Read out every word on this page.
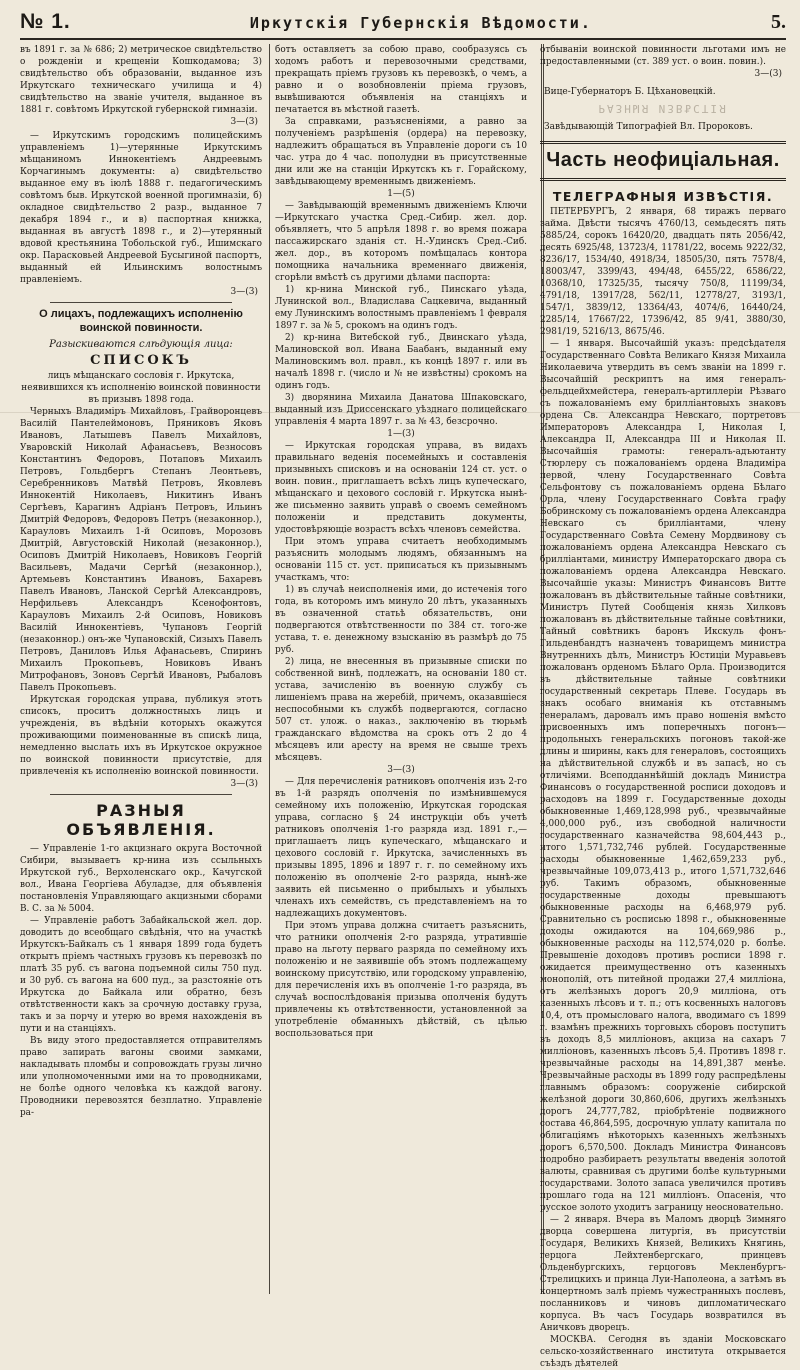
№ 1.	Иркутскія Губернскія Вѣдомости.	5.

въ 1891 г. за № 686; 2) метрическое свидѣтельство о рожденіи и крещеніи Кошкодамова; 3) свидѣтельство объ образованіи, выданное изъ Иркутскаго техническаго училища и 4) свидѣтельство на званіе учителя, выданное въ 1881 г. совѣтомъ Иркутской губернской гимназіи.

3—(3)

— Иркутскимъ городскимъ полицейскимъ управленіемъ 1)—утерянные Иркутскимъ мѣщаниномъ Иннокентіемъ Андреевымъ Корчагинымъ документы: а) свидѣтельство выданное ему въ іюлѣ 1888 г. педагогическимъ совѣтомъ быв. Иркутской военной прогимназіи, б) окладное свидѣтельство 2 разр., выданное 7 декабря 1894 г., и в) паспортная книжка, выданная въ августѣ 1898 г., и 2)—утерянный вдовой крестьянина Тобольской губ., Ишимскаго окр. Парасковьей Андреевой Бусыгиной паспортъ, выданный ей Ильинскимъ волостнымъ правленіемъ.

3—(3)
О лицахъ, подлежащихъ исполненію воинской повинности.
Разыскиваются слѣдующія лица:
СПИСОКЪ

лицъ мѣщанскаго сословія г. Иркутска, неявившихся къ исполненію воинской повинности въ призывъ 1898 года.

Черныхъ Владиміръ Михайловъ, Грайворонцевъ Василій Пантелеймоновъ, Пряниковъ Яковъ Ивановъ, Латышевъ Павелъ Михайловъ, Уваровскій Николай Афанасьевъ, Везносовъ Константинъ Федоровъ, Потаповъ Михаилъ Петровъ, Гольдбергъ Степанъ Леонтьевъ, Серебренниковъ Матвѣй Петровъ, Яковлевъ Иннокентій Николаевъ, Никитинъ Иванъ Сергѣевъ, Карагинъ Адріанъ Петровъ, Ильинъ Дмитрій Федоровъ, Федоровъ Петръ (незаконнор.), Карауловъ Михаилъ 1-й Осиповъ, Морозовъ Дмитрій, Августовскій Николай (незаконнор.), Осиповъ Дмитрій Николаевъ, Новиковъ Георгій Васильевъ, Мадачи Сергѣй (незаконнор.), Артемьевъ Константинъ Ивановъ, Бахаревъ Павелъ Ивановъ, Ланской Сергѣй Александровъ, Нерфильевъ Александръ Ксенофонтовъ, Карауловъ Михаилъ 2-й Осиповъ, Новиковъ Василій Иннокентіевъ, Чупановъ Георгій (незаконнор.) онъ-же Чупановскій, Сизыхъ Павелъ Петровъ, Даниловъ Илья Афанасьевъ, Спиринъ Михаилъ Прокопьевъ, Новиковъ Иванъ Митрофановъ, Зоновъ Сергѣй Ивановъ, Рыбаловъ Павелъ Прокопьевъ.

Иркутская городская управа, публикуя этотъ списокъ, проситъ должностныхъ лицъ и учрежденія, въ вѣдѣніи которыхъ окажутся проживающими поименованные въ спискѣ лица, немедленно выслать ихъ въ Иркутское окружное по воинской повинности присутствіе, для привлеченія къ исполненію воинской повинности.

3—(3)
РАЗНЫЯ ОБЪЯВЛЕНІЯ.

— Управленіе 1-го акцизнаго округа Восточной Сибири, вызываетъ кр-нина изъ ссыльныхъ Иркутской губ., Верхоленскаго окр., Качугской вол., Ивана Георгіева Абуладзе, для объявленія постановленія Управляющаго акцизными сборами В. С. за № 5004.

— Управленіе работъ Забайкальской жел. дор. доводитъ до всеобщаго свѣдѣнія, что на участкѣ Иркутскъ-Байкалъ съ 1 января 1899 года будетъ открытъ пріемъ частныхъ грузовъ къ перевозкѣ по платѣ 35 руб. съ вагона подъемной силы 750 пуд. и 30 руб. съ вагона на 600 пуд., за разстояніе отъ Иркутска до Байкала или обратно, безъ отвѣтственности какъ за срочную доставку груза, такъ и за порчу и утерю во время нахожденія въ пути и на станціяхъ.

Въ виду этого предоставляется отправителямъ право запирать вагоны своими замками, накладывать пломбы и сопровождать грузы лично или уполномоченными ими на то проводниками, не болѣе одного человѣка къ каждой вагону. Проводники перевозятся безплатно. Управленіе ра-

ботъ оставляетъ за собою право, сообразуясь съ ходомъ работъ и перевозочными средствами, прекращать пріемъ грузовъ къ перевозкѣ, о чемъ, а равно и о возобновленіи пріема грузовъ, вывѣшиваются объявленія на станціяхъ и печатается въ мѣстной газетѣ.

За справками, разъясненіями, а равно за полученіемъ разрѣшенія (ордера) на перевозку, надлежитъ обращаться въ Управленіе дороги съ 10 час. утра до 4 час. пополудни въ присутственные дни или же на станціи Иркутскъ къ г. Горайскому, завѣдывающему временнымъ движеніемъ.

1—(5)

— Завѣдывающій временнымъ движеніемъ Ключи—Иркутскаго участка Сред.-Сибир. жел. дор. объявляетъ, что 5 апрѣля 1898 г. во время пожара пассажирскаго зданія ст. Н.-Удинскъ Сред.-Сиб. жел. дор., въ которомъ помѣщалась контора помощника начальника временнаго движенія, сгорѣли вмѣстѣ съ другими дѣлами паспорта:

1) кр-нина Минской губ., Пинскаго уѣзда, Лунинской вол., Владислава Сацкевича, выданный ему Лунинскимъ волостнымъ правленіемъ 1 февраля 1897 г. за № 5, срокомъ на одинъ годъ.

2) кр-нина Витебской губ., Двинскаго уѣзда, Малиновской вол. Ивана Баабанъ, выданный ему Малиновскимъ вол. правл., къ концѣ 1897 г. или въ началѣ 1898 г. (число и № не извѣстны) срокомъ на одинъ годъ.

3) дворянина Михаила Данатова Шпаковскаго, выданный изъ Дриссенскаго уѣзднаго полицейскаго управленія 4 марта 1897 г. за № 43, безсрочно.

1—(3)

— Иркутская городская управа, въ видахъ правильнаго веденія посемейныхъ и составленія призывныхъ списковъ и на основаніи 124 ст. уст. о воин. повин., приглашаетъ всѣхъ лицъ купеческаго, мѣщанскаго и цехового сословій г. Иркутска нынѣ-же письменно заявить управѣ о своемъ семейномъ положеніи и представить документы, удостовѣряющіе возрастъ всѣхъ членовъ семейства.

При этомъ управа считаетъ необходимымъ разъяснить молодымъ людямъ, обязаннымъ на основаніи 115 ст. уст. приписаться къ призывнымъ участкамъ, что:

1) въ случаѣ неисполненія ими, до истеченія того года, въ которомъ имъ минуло 20 лѣтъ, указанныхъ въ означенной статьѣ обязательствъ, они подвергаются отвѣтственности по 384 ст. того-же устава, т. е. денежному взысканію въ размѣрѣ до 75 руб.

2) лица, не внесенныя въ призывные списки по собственной винѣ, подлежатъ, на основаніи 180 ст. устава, зачисленію въ военную службу съ лишеніемъ права на жеребій, причемъ, оказавшіеся неспособными къ службѣ подвергаются, согласно 507 ст. улож. о наказ., заключенію въ тюрьмѣ гражданскаго вѣдомства на срокъ отъ 2 до 4 мѣсяцевъ или аресту на время не свыше трехъ мѣсяцевъ.

3—(3)

— Для перечисленія ратниковъ ополченія изъ 2-го въ 1-й разрядъ ополченія по измѣнившемуся семейному ихъ положенію, Иркутская городская управа, согласно § 24 инструкціи объ учетѣ ратниковъ ополченія 1-го разряда изд. 1891 г.,—приглашаетъ лицъ купеческаго, мѣщанскаго и цехового сословій г. Иркутска, зачисленныхъ въ призывы 1895, 1896 и 1897 г. г. по семейному ихъ положенію въ ополченіе 2-го разряда, нынѣ-же заявить ей письменно о прибылыхъ и убылыхъ членахъ ихъ семействъ, съ представленіемъ на то надлежащихъ документовъ.

При этомъ управа должна считаетъ разъяснить, что ратники ополченія 2-го разряда, утратившіе право на льготу перваго разряда по семейному ихъ положенію и не заявившіе объ этомъ подлежащему воинскому присутствію, или городскому управленію, для перечисленія ихъ въ ополченіе 1-го разряда, въ случаѣ воспослѣдованія призыва ополченія будутъ привлечены къ отвѣтственности, установленной за употребленіе обманныхъ дѣйствій, съ цѣлью воспользоваться при

отбываніи воинской повинности льготами имъ не предоставленными (ст. 389 уст. о воин. повин.).

3—(3)
Вице-Губернаторъ Б. Цѣхановецкій.
РАЗНЫЯ ИЗВѢСТІЯ
Завѣдывающій Типографіей Вл. Пророковъ.
Часть неофиціальная.
ТЕЛЕГРАФНЫЯ ИЗВѢСТІЯ.

ПЕТЕРБУРГЪ, 2 января, 68 тиражъ перваго займа. Двѣсти тысячъ 4760/13, семьдесятъ пять 5885/24, сорокъ 16420/20, двадцать пять 2056/42, десять 6925/48, 13723/4, 11781/22, восемь 9222/32, 8236/17, 1534/40, 4918/34, 18505/30, пять 7578/4, 18003/47, 3399/43, 494/48, 6455/22, 6586/22, 10368/10, 17325/35, тысячу 750/8, 11199/34, 4791/18, 13917/28, 562/11, 12778/27, 3193/1, 1547/1, 3839/12, 13364/43, 4074/6, 16440/24, 2285/14, 17667/22, 17396/42, 85 9/41, 3880/30, 2981/19, 5216/13, 8675/46.

— 1 января. Высочайшій указъ: предсѣдателя Государственнаго Совѣта Великаго Князя Михаила Николаевича утвердить въ семъ званіи на 1899 г. Высочайшій рескриптъ на имя генералъ-фельдцейхмейстера, генералъ-артиллеріи Рѣзваго съ пожалованіемъ ему бриллiантовыхъ знаковъ ордена Св. Александра Невскаго, портретовъ Императоровъ Александра I, Николая I, Александра II, Александра III и Николая II. Высочайшія грамоты: генералъ-адъютанту Стюрлеру съ пожалованіемъ ордена Владиміра первой, члену Государственнаго Совѣта Сельфонтову съ пожалованіемъ ордена Бѣлаго Орла, члену Государственнаго Совѣта графу Бобринскому съ пожалованіемъ ордена Александра Невскаго съ бриллiантами, члену Государственнаго Совѣта Семену Мордвинову съ пожалованіемъ ордена Александра Невскаго съ бриллiантами, министру Императорскаго двора съ пожалованіемъ ордена Александра Невскаго. Высочайшіе указы: Министръ Финансовъ Витте пожалованъ въ дѣйствительные тайные совѣтники, Министръ Путей Сообщенія князь Хилковъ пожалованъ въ дѣйствительные тайные совѣтники, Тайный совѣтникъ баронъ Икскуль фонъ-Гильденбандтъ назначенъ товарищемъ министра Внутреннихъ дѣлъ, Министръ Юстиціи Муравьевъ пожалованъ орденомъ Бѣлаго Орла. Производится въ дѣйствительные тайные совѣтники государственный секретарь Плеве. Государь въ знакъ особаго вниманія къ отставнымъ генераламъ, даровалъ имъ право ношенія вмѣсто присвоенныхъ имъ поперечныхъ погонъ—продольныхъ генеральскихъ погоновъ такой-же длины и ширины, какъ для генераловъ, состоящихъ на дѣйствительной службѣ и въ запасѣ, но съ отличіями. Всеподданнѣйшій докладъ Министра Финансовъ о государственной росписи доходовъ и расходовъ на 1899 г. Государственные доходы обыкновенные 1,469,128,998 руб., чрезвычайные 4,000,000 руб., изъ свободной наличности государственнаго казначейства 98,604,443 р., итого 1,571,732,746 рублей. Государственные расходы обыкновенные 1,462,659,233 руб., чрезвычайные 109,073,413 р., итого 1,571,732,646 руб. Такимъ образомъ, обыкновенные государственные доходы превышаютъ обыкновенные расходы на 6,468,979 руб. Сравнительно съ росписью 1898 г., обыкновенные доходы ожидаются на 104,669,986 р., обыкновенные расходы на 112,574,020 р. болѣе. Превышеніе доходовъ противъ росписи 1898 г. ожидается преимущественно отъ казенныхъ монополій, отъ питейной продажи 27,4 милліона, отъ желѣзныхъ дорогъ 20,9 милліона, отъ казенныхъ лѣсовъ и т. п.; отъ косвенныхъ налоговъ 10,4, отъ промысловаго налога, вводимаго съ 1899 г. взамѣнъ прежнихъ торговыхъ сборовъ поступитъ въ доходъ 8,5 милліоновъ, акциза на сахаръ 7 милліоновъ, казенныхъ лѣсовъ 5,4. Противъ 1898 г. чрезвычайные расходы на 14,891,387 менѣе. Чрезвычайные расходы въ 1899 году распредѣлены главнымъ образомъ: сооруженіе сибирской желѣзной дороги 30,860,606, другихъ желѣзныхъ дорогъ 24,777,782, пріобрѣтеніе подвижного состава 46,864,595, досрочную уплату капитала по облигаціямъ нѣкоторыхъ казенныхъ желѣзныхъ дорогъ 6,570,500. Докладъ Министра Финансовъ подробно разбираетъ результаты введенія золотой валюты, сравнивая съ другими болѣе культурными государствами. Золото запаса увеличился противъ прошлаго года на 121 милліонъ. Опасенія, что русское золото уходитъ заграницу неосновательно.

— 2 января. Вчера въ Маломъ дворцѣ Зимняго дворца совершена литургія, въ присутствіи Государя, Великихъ Князей, Великихъ Княгинь, герцога Лейхтенбергскаго, принцевъ Ольденбургскихъ, герцоговъ Мекленбургъ-Стрелицкихъ и принца Луи-Наполеона, а затѣмъ въ концертномъ залѣ пріемъ чужестранныхъ послевъ, посланниковъ и чиновъ дипломатическаго корпуса. Въ часъ Государь возвратился въ Аничковъ дворецъ.

МОСКВА. Сегодня въ зданіи Московскаго сельско-хозяйственнаго института открывается съѣздъ дѣятелей
